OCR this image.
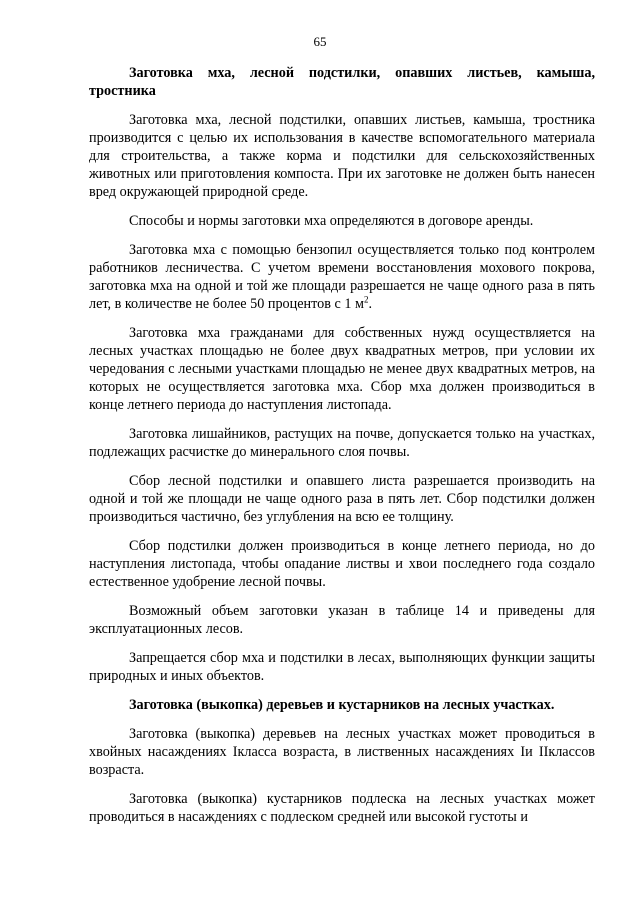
65
Заготовка мха, лесной подстилки, опавших листьев, камыша, тростника

Заготовка мха, лесной подстилки, опавших листьев, камыша, тростника производится с целью их использования в качестве вспомогательного материала для строительства, а также корма и подстилки для сельскохозяйственных животных или приготовления компоста. При их заготовке не должен быть нанесен вред окружающей природной среде.

Способы и нормы заготовки мха определяются в договоре аренды.

Заготовка мха с помощью бензопил осуществляется только под контролем работников лесничества. С учетом времени восстановления мохового покрова, заготовка мха на одной и той же площади разрешается не чаще одного раза в пять лет, в количестве не более 50 процентов с 1 $м^2$.

Заготовка мха гражданами для собственных нужд осуществляется на лесных участках площадью не более двух квадратных метров, при условии их чередования с лесными участками площадью не менее двух квадратных метров, на которых не осуществляется заготовка мха. Сбор мха должен производиться в конце летнего периода до наступления листопада.

Заготовка лишайников, растущих на почве, допускается только на участках, подлежащих расчистке до минерального слоя почвы.

Сбор лесной подстилки и опавшего листа разрешается производить на одной и той же площади не чаще одного раза в пять лет. Сбор подстилки должен производиться частично, без углубления на всю ее толщину.

Сбор подстилки должен производиться в конце летнего периода, но до наступления листопада, чтобы опадание листвы и хвои последнего года создало естественное удобрение лесной почвы.

Возможный объем заготовки указан в таблице 14 и приведены для эксплуатационных лесов.

Запрещается сбор мха и подстилки в лесах, выполняющих функции защиты природных и иных объектов.

Заготовка (выкопка) деревьев и кустарников на лесных участках.

Заготовка (выкопка) деревьев на лесных участках может проводиться в хвойных насаждениях Iкласса возраста, в лиственных насаждениях Iи IIклассов возраста.

Заготовка (выкопка) кустарников подлеска на лесных участках может проводиться в насаждениях с подлеском средней или высокой густоты и
